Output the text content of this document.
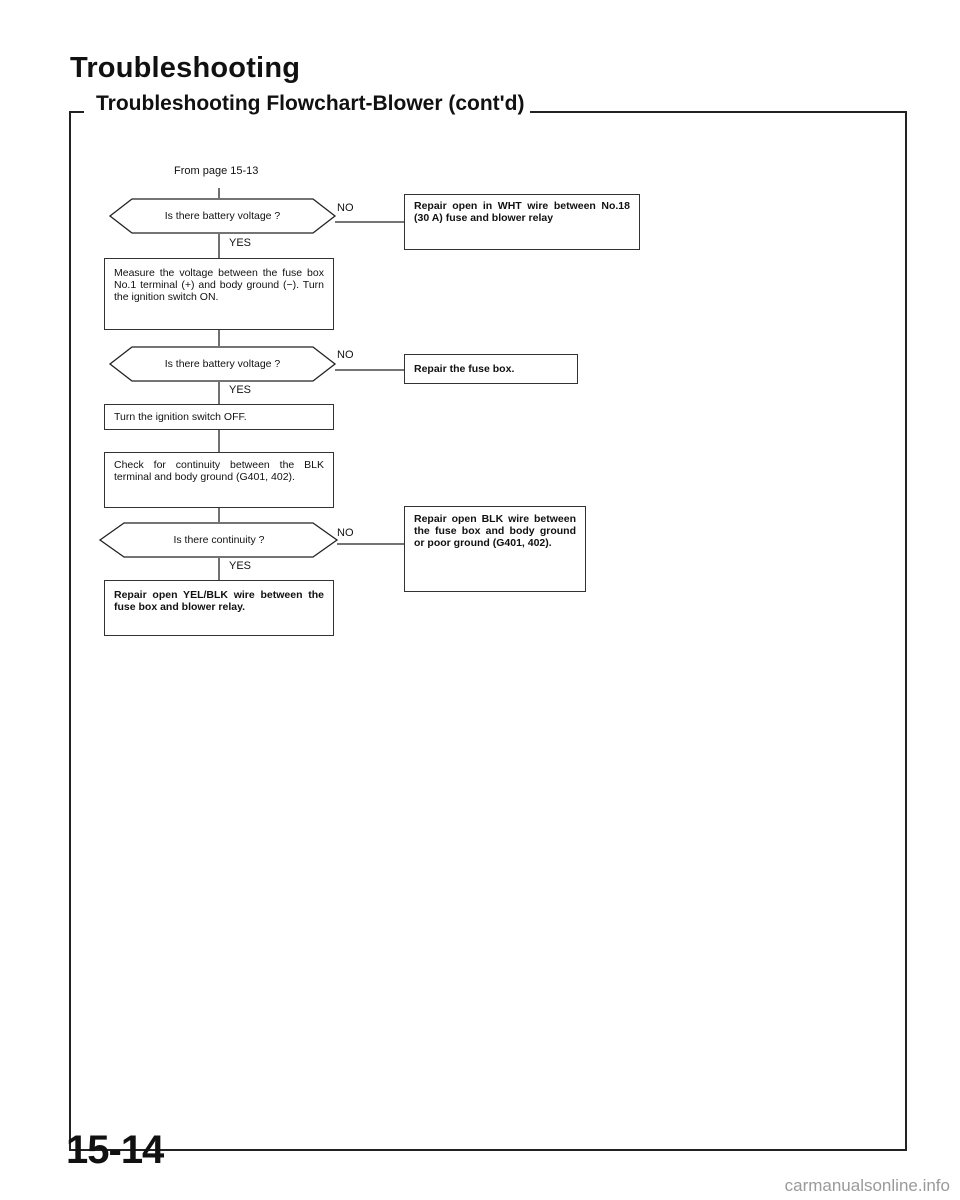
Troubleshooting
Troubleshooting Flowchart-Blower (cont'd)
From page 15-13
Is there battery voltage ?
NO
YES
Repair open in WHT wire between No.18 (30 A) fuse and blower relay
Measure the voltage between the fuse box No.1 terminal (+) and body ground (−). Turn the ignition switch ON.
Is there battery voltage ?
NO
YES
Repair the fuse box.
Turn the ignition switch OFF.
Check for continuity between the BLK terminal and body ground (G401, 402).
Is there continuity ?
NO
YES
Repair open BLK wire between the fuse box and body ground or poor ground (G401, 402).
Repair open YEL/BLK wire between the fuse box and blower relay.
15-14
carmanualsonline.info
